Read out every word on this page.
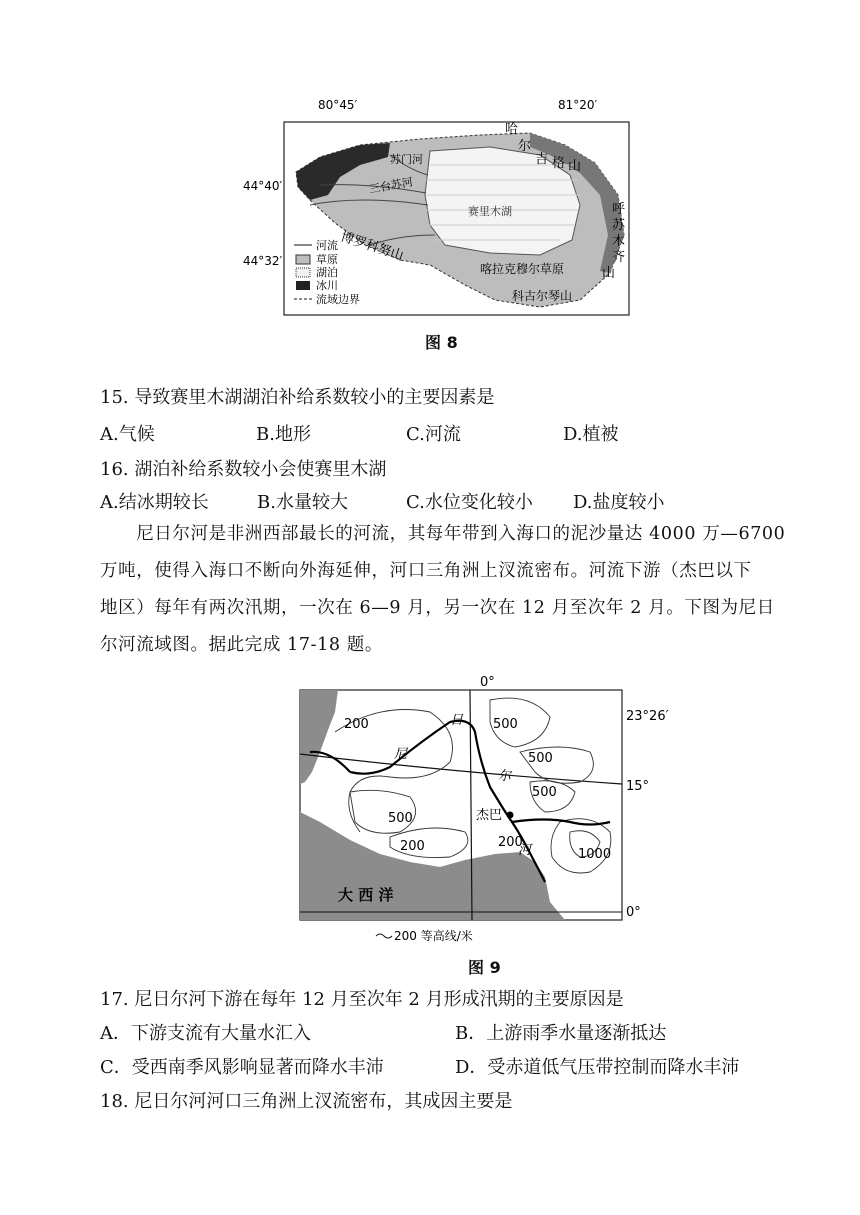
80°45′	81°20′
44°40′
44°32′
赛里木湖
哈
尔
吉 格 山
呼
苏
木
齐
山
博罗科努山
喀拉克穆尔草原
三台苏河
苏门河
科古尔琴山
河流
草原
湖泊
冰川
流域边界
图 8
15. 导致赛里木湖湖泊补给系数较小的主要因素是
A.气候	B.地形	C.河流	D.植被
16. 湖泊补给系数较小会使赛里木湖
A.结冰期较长	B.水量较大	C.水位变化较小 D.盐度较小

　　尼日尔河是非洲西部最长的河流，其每年带到入海口的泥沙量达 4000 万—6700

万吨，使得入海口不断向外海延伸，河口三角洲上汊流密布。河流下游（杰巴以下

地区）每年有两次汛期，一次在 6—9 月，另一次在 12 月至次年 2 月。下图为尼日

尔河流域图。据此完成 17-18 题。

0°
23°26′
15°
0°
200	500
500
500
500
200	200
1000
杰巴
日
尼
尔
河
大 西 洋
200 等高线/米
图 9
17. 尼日尔河下游在每年 12 月至次年 2 月形成汛期的主要原因是
A．下游支流有大量水汇入	B．上游雨季水量逐渐抵达
C．受西南季风影响显著而降水丰沛	D．受赤道低气压带控制而降水丰沛
18. 尼日尔河河口三角洲上汊流密布，其成因主要是
